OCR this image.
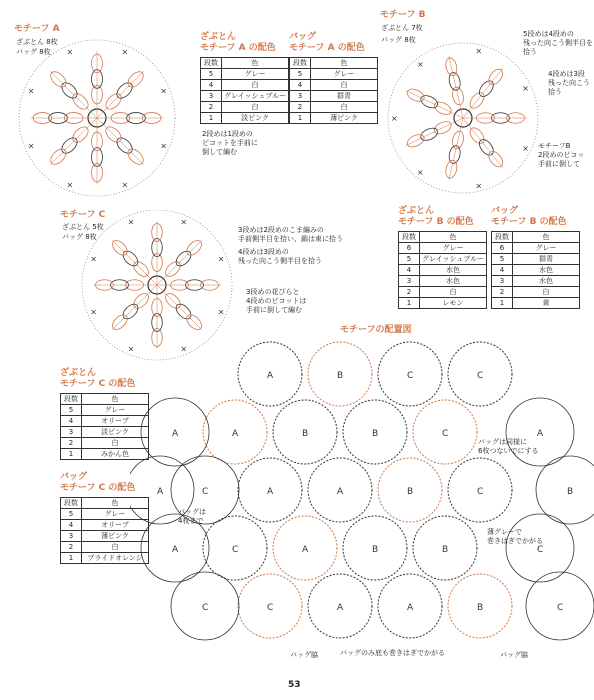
モチーフ A
ざぶとん 8枚
バッグ 8枚
×
×
×
×
×
×	×
×
2段めは1段めの
ピコットを手前に
倒して編む
ざぶとん
モチーフ A の配色
段数	色
5	グレー
4	白
3	グレイッシュブルー
2	白
1	淡ピンク
バッグ
モチーフ A の配色
段数	色
5	グレー
4	白
3	群青
2	白
1	薄ピンク
モチーフ B
ざぶとん 7枚
バッグ 8枚
×
×
×
×
×
×
×
5段めは4段めの
残った向こう側半目を
拾う
4段めは3段
残った向こう
拾う
モチーフB
2段めのピコッ
手前に倒して
ざぶとん
モチーフ B の配色
段数	色
6	グレー
5	グレイッシュブルー
4	水色
3	水色
2	白
1	レモン
バッグ
モチーフ B の配色
段数	色
6	グレー
5	群青
4	水色
3	水色
2	白
1	黄
モチーフ C
ざぶとん 5枚
バッグ 8枚
×
×
×
×
×
×	×
×
3段めは2段めのこま編みの
手前側半目を拾い、鎖は束に拾う
4段めは3段めの
残った向こう側半目を拾う
3段めの花びらと
4段めのピコットは
手前に倒して編む
ざぶとん
モチーフ C の配色
段数	色
5	グレー
4	オリーブ
3	淡ピンク
2	白
1	みかん色
バッグ
モチーフ C の配色
段数	色
5	グレー
4	オリーブ
3	薄ピンク
2	白
1	ブライドオレンジ
モチーフの配置図
A	B	C	C
A	B	B	C
A	A	B	C
C	A	B	B
C	A	A	B
A
C
A
C
A
C
B
C
A
バッグは同様に
6枚つないでにする
バッグは
4枚まで
薄グレーで
巻きはぎでかがる
バッグ脇	バッグのみ底も巻きはぎでかがる	バッグ脇
53
